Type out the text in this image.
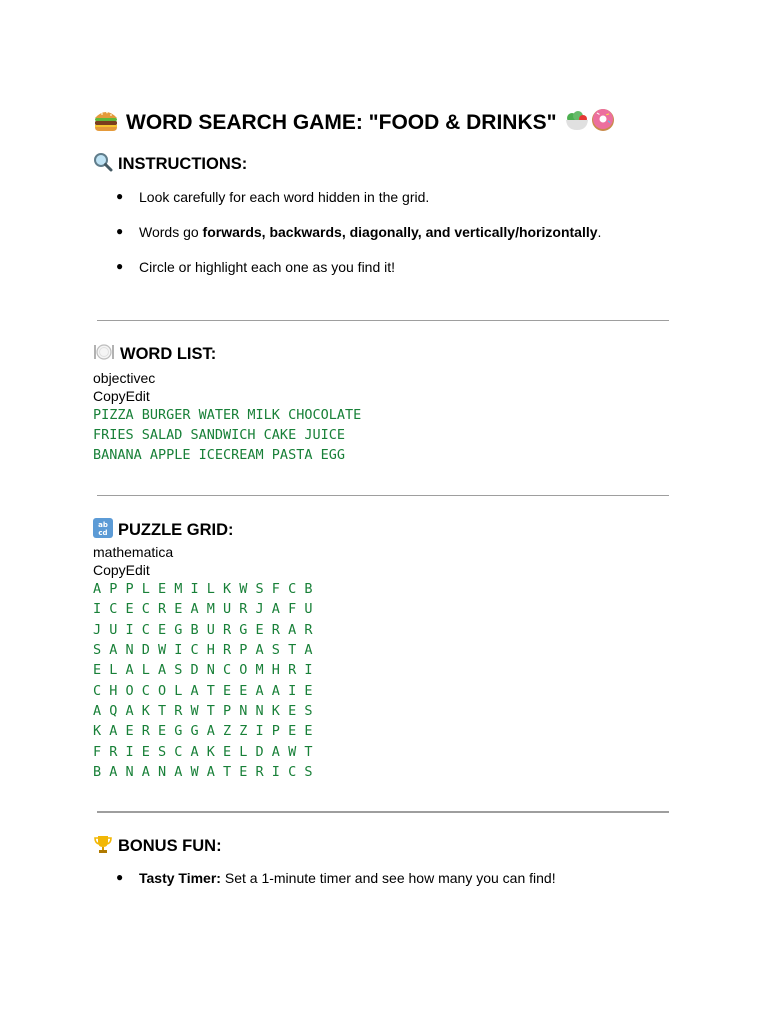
WORD SEARCH GAME: "FOOD & DRINKS"
INSTRUCTIONS:
● Look carefully for each word hidden in the grid.
● Words go forwards, backwards, diagonally, and vertically/horizontally.
● Circle or highlight each one as you find it!
WORD LIST:
objectivec
CopyEdit
PIZZA BURGER WATER MILK CHOCOLATE
FRIES SALAD SANDWICH CAKE JUICE
BANANA APPLE ICECREAM PASTA EGG
ab
cd PUZZLE GRID:
mathematica
CopyEdit
A P P L E M I L K W S F C B
I C E C R E A M U R J A F U
J U I C E G B U R G E R A R
S A N D W I C H R P A S T A
E L A L A S D N C O M H R I
C H O C O L A T E E A A I E
A Q A K T R W T P N N K E S
K A E R E G G A Z Z I P E E
F R I E S C A K E L D A W T
B A N A N A W A T E R I C S
BONUS FUN:
● Tasty Timer: Set a 1-minute timer and see how many you can find!
